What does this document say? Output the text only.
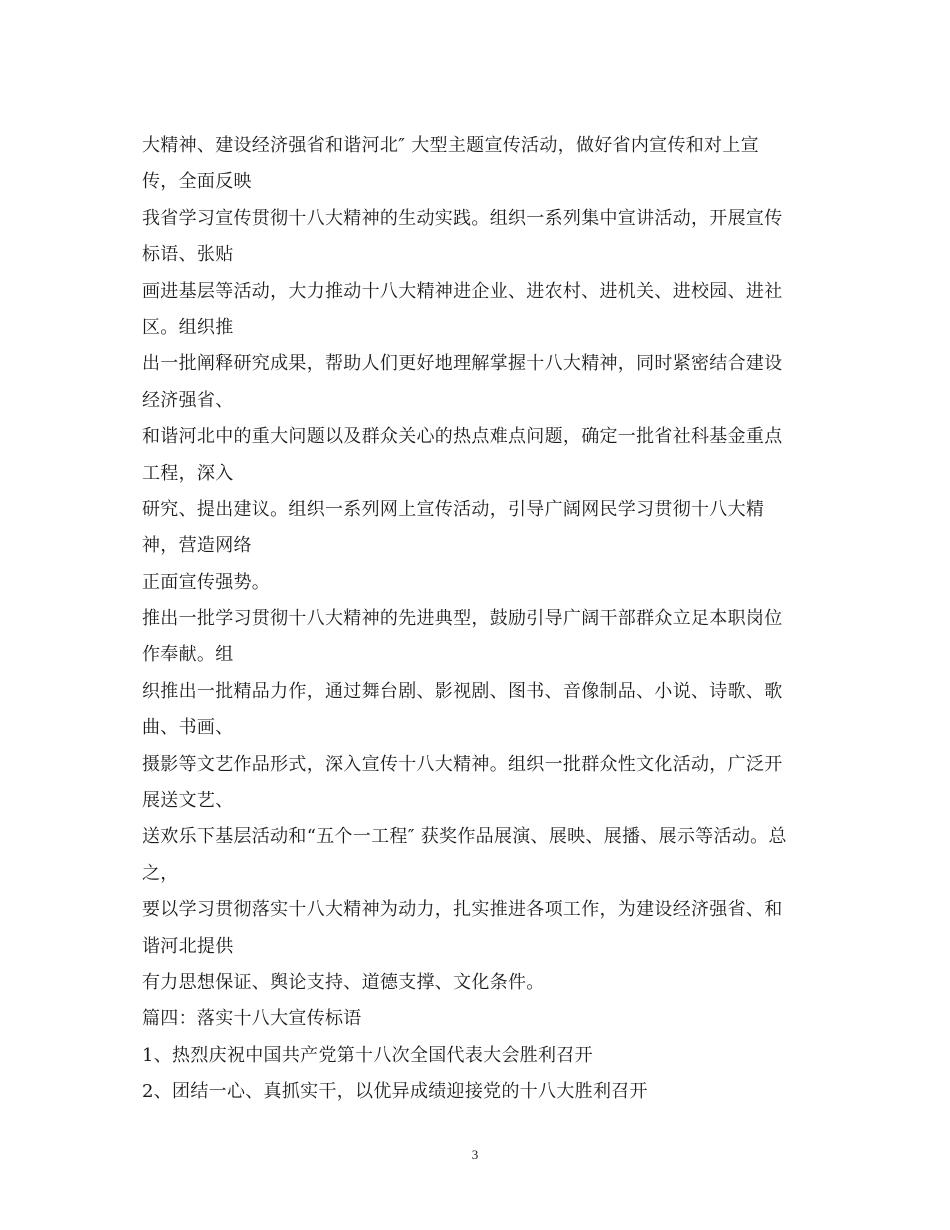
大精神、建设经济强省和谐河北″ 大型主题宣传活动，做好省内宣传和对上宣
传，全面反映
我省学习宣传贯彻十八大精神的生动实践。组织一系列集中宣讲活动，开展宣传
标语、张贴
画进基层等活动，大力推动十八大精神进企业、进农村、进机关、进校园、进社
区。组织推
出一批阐释研究成果，帮助人们更好地理解掌握十八大精神，同时紧密结合建设
经济强省、
和谐河北中的重大问题以及群众关心的热点难点问题，确定一批省社科基金重点
工程，深入
研究、提出建议。组织一系列网上宣传活动，引导广阔网民学习贯彻十八大精
神，营造网络
正面宣传强势。
推出一批学习贯彻十八大精神的先进典型，鼓励引导广阔干部群众立足本职岗位
作奉献。组
织推出一批精品力作，通过舞台剧、影视剧、图书、音像制品、小说、诗歌、歌
曲、书画、
摄影等文艺作品形式，深入宣传十八大精神。组织一批群众性文化活动，广泛开
展送文艺、
送欢乐下基层活动和“五个一工程″ 获奖作品展演、展映、展播、展示等活动。总
之，
要以学习贯彻落实十八大精神为动力，扎实推进各项工作，为建设经济强省、和
谐河北提供
有力思想保证、舆论支持、道德支撑、文化条件。
篇四：落实十八大宣传标语
1、热烈庆祝中国共产党第十八次全国代表大会胜利召开
2、团结一心、真抓实干，以优异成绩迎接党的十八大胜利召开
3
